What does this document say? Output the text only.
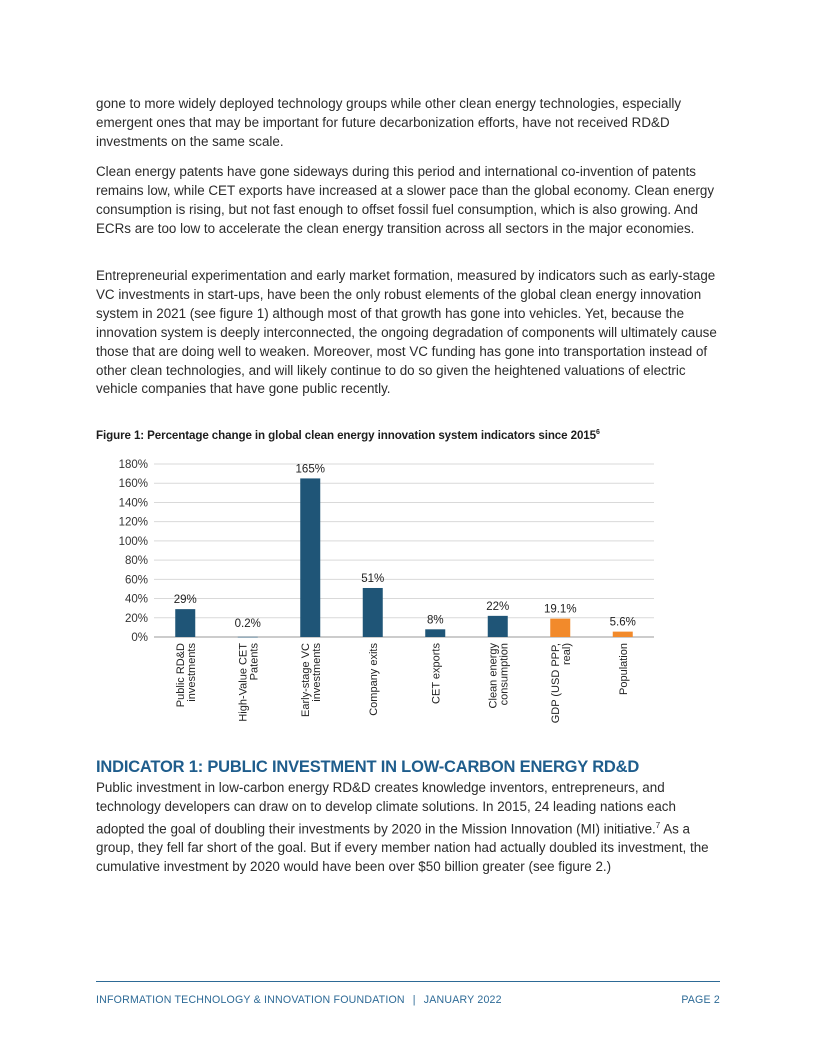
gone to more widely deployed technology groups while other clean energy technologies, especially emergent ones that may be important for future decarbonization efforts, have not received RD&D investments on the same scale.

Clean energy patents have gone sideways during this period and international co-invention of patents remains low, while CET exports have increased at a slower pace than the global economy. Clean energy consumption is rising, but not fast enough to offset fossil fuel consumption, which is also growing. And ECRs are too low to accelerate the clean energy transition across all sectors in the major economies.

Entrepreneurial experimentation and early market formation, measured by indicators such as early-stage VC investments in start-ups, have been the only robust elements of the global clean energy innovation system in 2021 (see figure 1) although most of that growth has gone into vehicles. Yet, because the innovation system is deeply interconnected, the ongoing degradation of components will ultimately cause those that are doing well to weaken. Moreover, most VC funding has gone into transportation instead of other clean technologies, and will likely continue to do so given the heightened valuations of electric vehicle companies that have gone public recently.

Figure 1: Percentage change in global clean energy innovation system indicators since 2015$^6$
0%
20%
40%
60%
80%
100%
120%
140%
160%
180%
29%
Public RD&Dinvestments
0.2%
High-Value CETPatents
165%
Early-stage VCinvestments
51%
Company exits
8%
CET exports
22%
Clean energyconsumption
19.1%
GDP (USD PPP,real)
5.6%
Population
INDICATOR 1: PUBLIC INVESTMENT IN LOW-CARBON ENERGY RD&D

Public investment in low-carbon energy RD&D creates knowledge inventors, entrepreneurs, and technology developers can draw on to develop climate solutions. In 2015, 24 leading nations each adopted the goal of doubling their investments by 2020 in the Mission Innovation (MI) initiative.$^7$ As a group, they fell far short of the goal. But if every member nation had actually doubled its investment, the cumulative investment by 2020 would have been over $50 billion greater (see figure 2.)

INFORMATION TECHNOLOGY & INNOVATION FOUNDATION | JANUARY 2022	PAGE 2
